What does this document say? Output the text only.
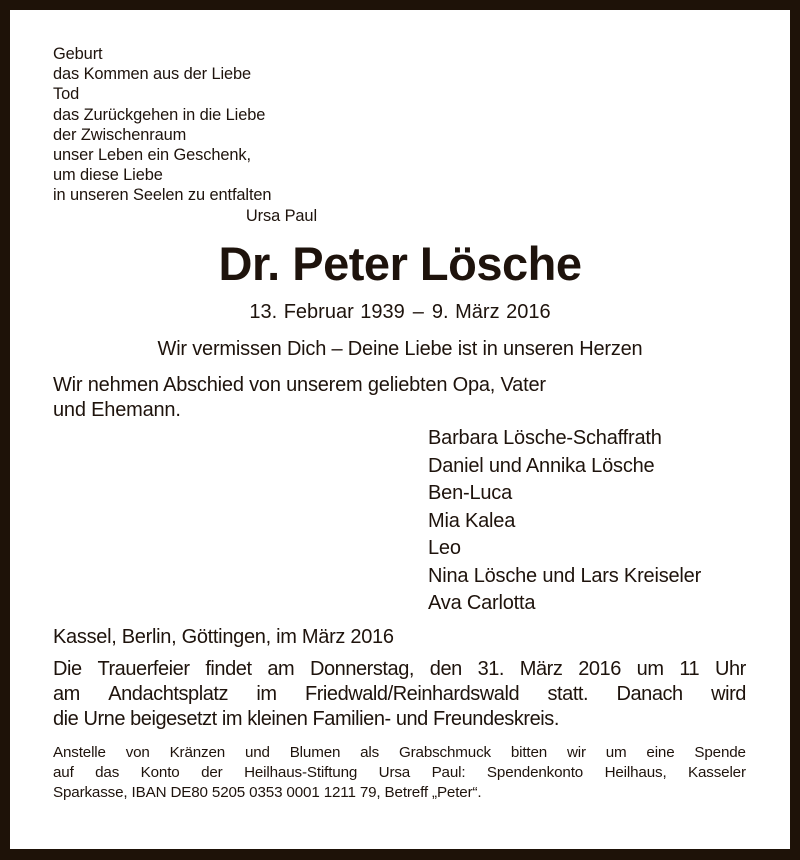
Geburt
das Kommen aus der Liebe
Tod
das Zurückgehen in die Liebe
der Zwischenraum
unser Leben ein Geschenk,
um diese Liebe
in unseren Seelen zu entfalten
Ursa Paul
Dr. Peter Lösche
13. Februar 1939 – 9. März 2016
Wir vermissen Dich – Deine Liebe ist in unseren Herzen
Wir nehmen Abschied von unserem geliebten Opa, Vater
und Ehemann.
Barbara Lösche-Schaffrath
Daniel und Annika Lösche
Ben-Luca
Mia Kalea
Leo
Nina Lösche und Lars Kreiseler
Ava Carlotta
Kassel, Berlin, Göttingen, im März 2016
Die Trauerfeier findet am Donnerstag, den 31. März 2016 um 11 Uhr
am Andachtsplatz im Friedwald/Reinhardswald statt. Danach wird
die Urne beigesetzt im kleinen Familien- und Freundeskreis.
Anstelle von Kränzen und Blumen als Grabschmuck bitten wir um eine Spende
auf das Konto der Heilhaus-Stiftung Ursa Paul: Spendenkonto Heilhaus, Kasseler
Sparkasse, IBAN DE80 5205 0353 0001 1211 79, Betreff „Peter“.
